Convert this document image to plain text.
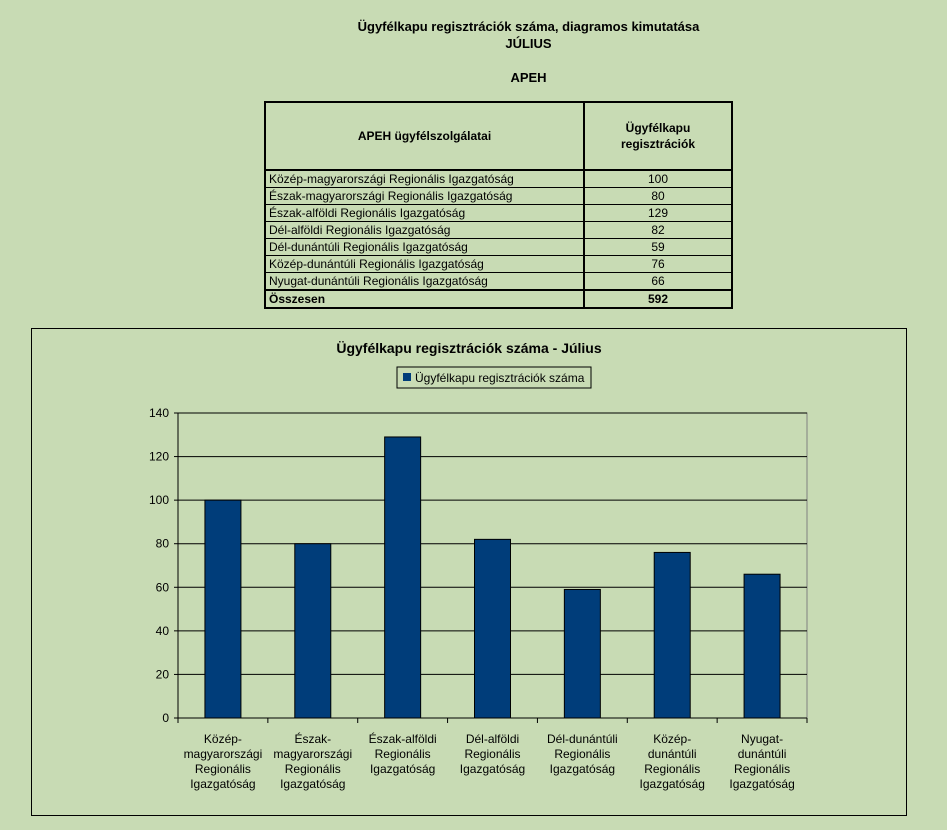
Ügyfélkapu regisztrációk száma, diagramos kimutatása
JÚLIUS
APEH
APEH ügyfélszolgálatai	Ügyfélkapu
regisztrációk
Közép-magyarországi Regionális Igazgatóság	100
Észak-magyarországi Regionális Igazgatóság	80
Észak-alföldi Regionális Igazgatóság	129
Dél-alföldi Regionális Igazgatóság	82
Dél-dunántúli Regionális Igazgatóság	59
Közép-dunántúli Regionális Igazgatóság	76
Nyugat-dunántúli Regionális Igazgatóság	66
Összesen	592
Ügyfélkapu regisztrációk száma - Július
Ügyfélkapu regisztrációk száma
0
20
40
60
80
100
120
140
Közép-
magyarországi
Regionális
Igazgatóság
Észak-
magyarországi
Regionális
Igazgatóság
Észak-alföldi
Regionális
Igazgatóság
Dél-alföldi
Regionális
Igazgatóság
Dél-dunántúli
Regionális
Igazgatóság
Közép-
dunántúli
Regionális
Igazgatóság
Nyugat-
dunántúli
Regionális
Igazgatóság
